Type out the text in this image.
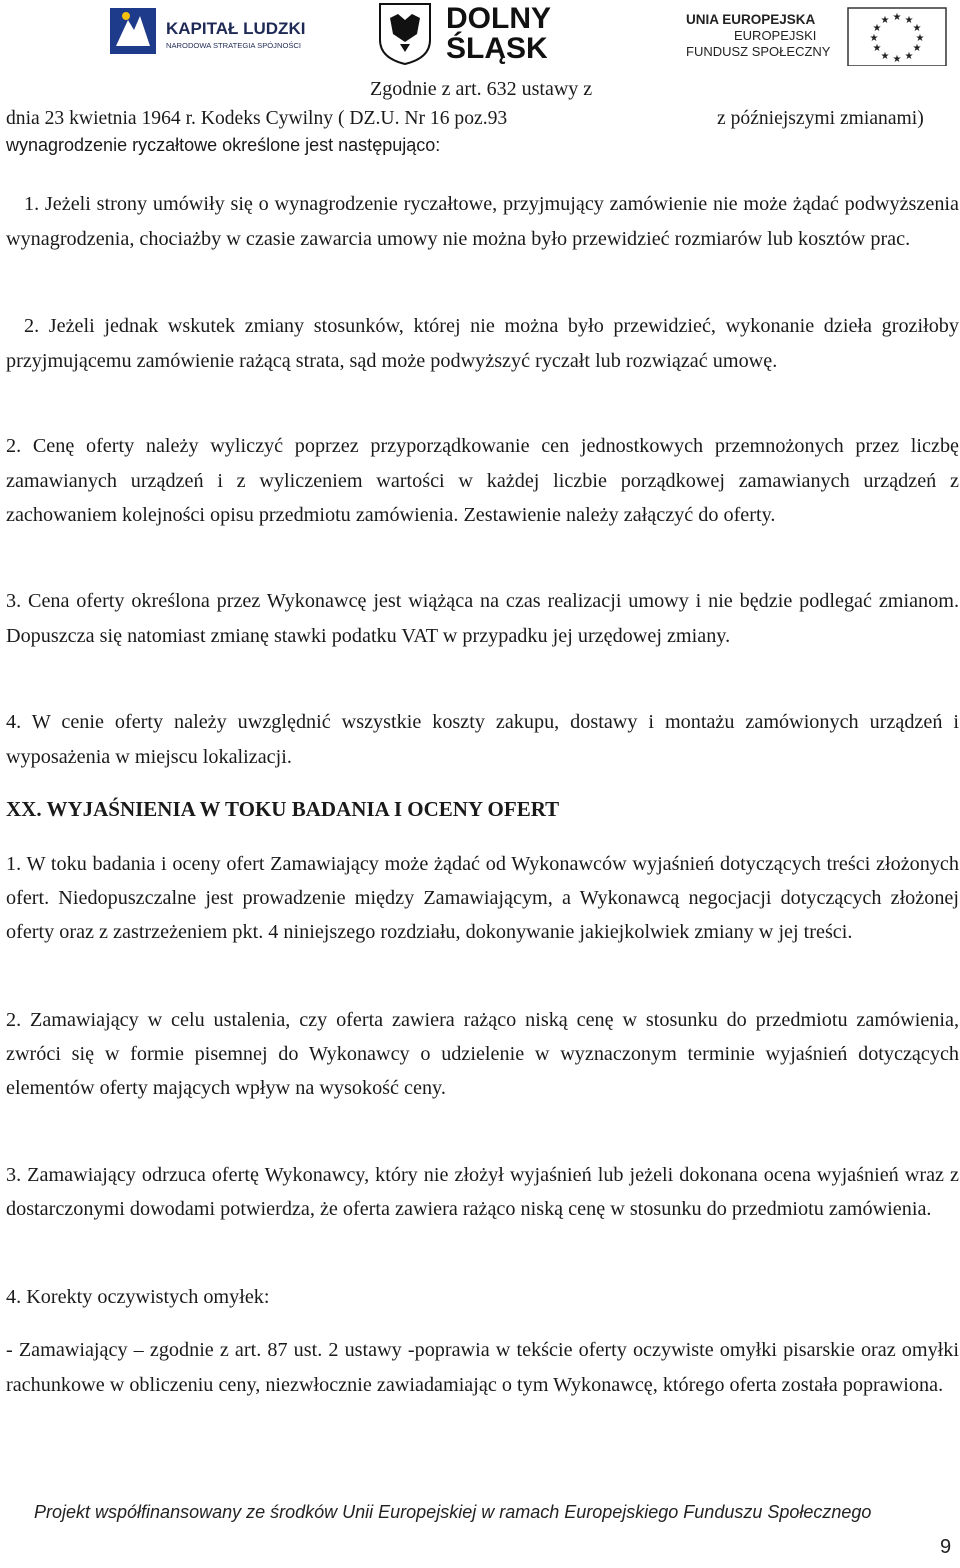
KAPITAŁ LUDZKI
NARODOWA STRATEGIA SPÓJNOŚCI
DOLNY
ŚLĄSK
UNIA EUROPEJSKA
EUROPEJSKI
FUNDUSZ SPOŁECZNY
★ ★
★
★
★
★
★
★
★
★
★
★
Zgodnie z art. 632 ustawy z
dnia 23 kwietnia 1964 r. Kodeks Cywilny ( DZ.U. Nr 16 poz.93	z późniejszymi zmianami)
wynagrodzenie ryczałtowe określone jest następująco:
1. Jeżeli strony umówiły się o wynagrodzenie ryczałtowe, przyjmujący zamówienie nie może żądać podwyższenia wynagrodzenia, chociażby w czasie zawarcia umowy nie można było przewidzieć rozmiarów lub kosztów prac.
2. Jeżeli jednak wskutek zmiany stosunków, której nie można było przewidzieć, wykonanie dzieła groziłoby przyjmującemu zamówienie rażącą strata, sąd może podwyższyć ryczałt lub rozwiązać umowę.
2. Cenę oferty należy wyliczyć poprzez przyporządkowanie cen jednostkowych przemnożonych przez liczbę zamawianych urządzeń i z wyliczeniem wartości w każdej liczbie porządkowej zamawianych urządzeń z zachowaniem kolejności opisu przedmiotu zamówienia. Zestawienie należy załączyć do oferty.
3. Cena oferty określona przez Wykonawcę jest wiążąca na czas realizacji umowy i nie będzie podlegać zmianom. Dopuszcza się natomiast zmianę stawki podatku VAT w przypadku jej urzędowej zmiany.
4. W cenie oferty należy uwzględnić wszystkie koszty zakupu, dostawy i montażu zamówionych urządzeń i wyposażenia w miejscu lokalizacji.
XX. WYJAŚNIENIA W TOKU BADANIA I OCENY OFERT
1. W toku badania i oceny ofert Zamawiający może żądać od Wykonawców wyjaśnień dotyczących treści złożonych ofert. Niedopuszczalne jest prowadzenie między Zamawiającym, a Wykonawcą negocjacji dotyczących złożonej oferty oraz z zastrzeżeniem pkt. 4 niniejszego rozdziału, dokonywanie jakiejkolwiek zmiany w jej treści.
2. Zamawiający w celu ustalenia, czy oferta zawiera rażąco niską cenę w stosunku do przedmiotu zamówienia, zwróci się w formie pisemnej do Wykonawcy o udzielenie w wyznaczonym terminie wyjaśnień dotyczących elementów oferty mających wpływ na wysokość ceny.
3. Zamawiający odrzuca ofertę Wykonawcy, który nie złożył wyjaśnień lub jeżeli dokonana ocena wyjaśnień wraz z dostarczonymi dowodami potwierdza, że oferta zawiera rażąco niską cenę w stosunku do przedmiotu zamówienia.
4. Korekty oczywistych omyłek:
- Zamawiający – zgodnie z art. 87 ust. 2 ustawy -poprawia w tekście oferty oczywiste omyłki pisarskie oraz omyłki rachunkowe w obliczeniu ceny, niezwłocznie zawiadamiając o tym Wykonawcę, którego oferta została poprawiona.
Projekt współfinansowany ze środków Unii Europejskiej w ramach Europejskiego Funduszu Społecznego
9
